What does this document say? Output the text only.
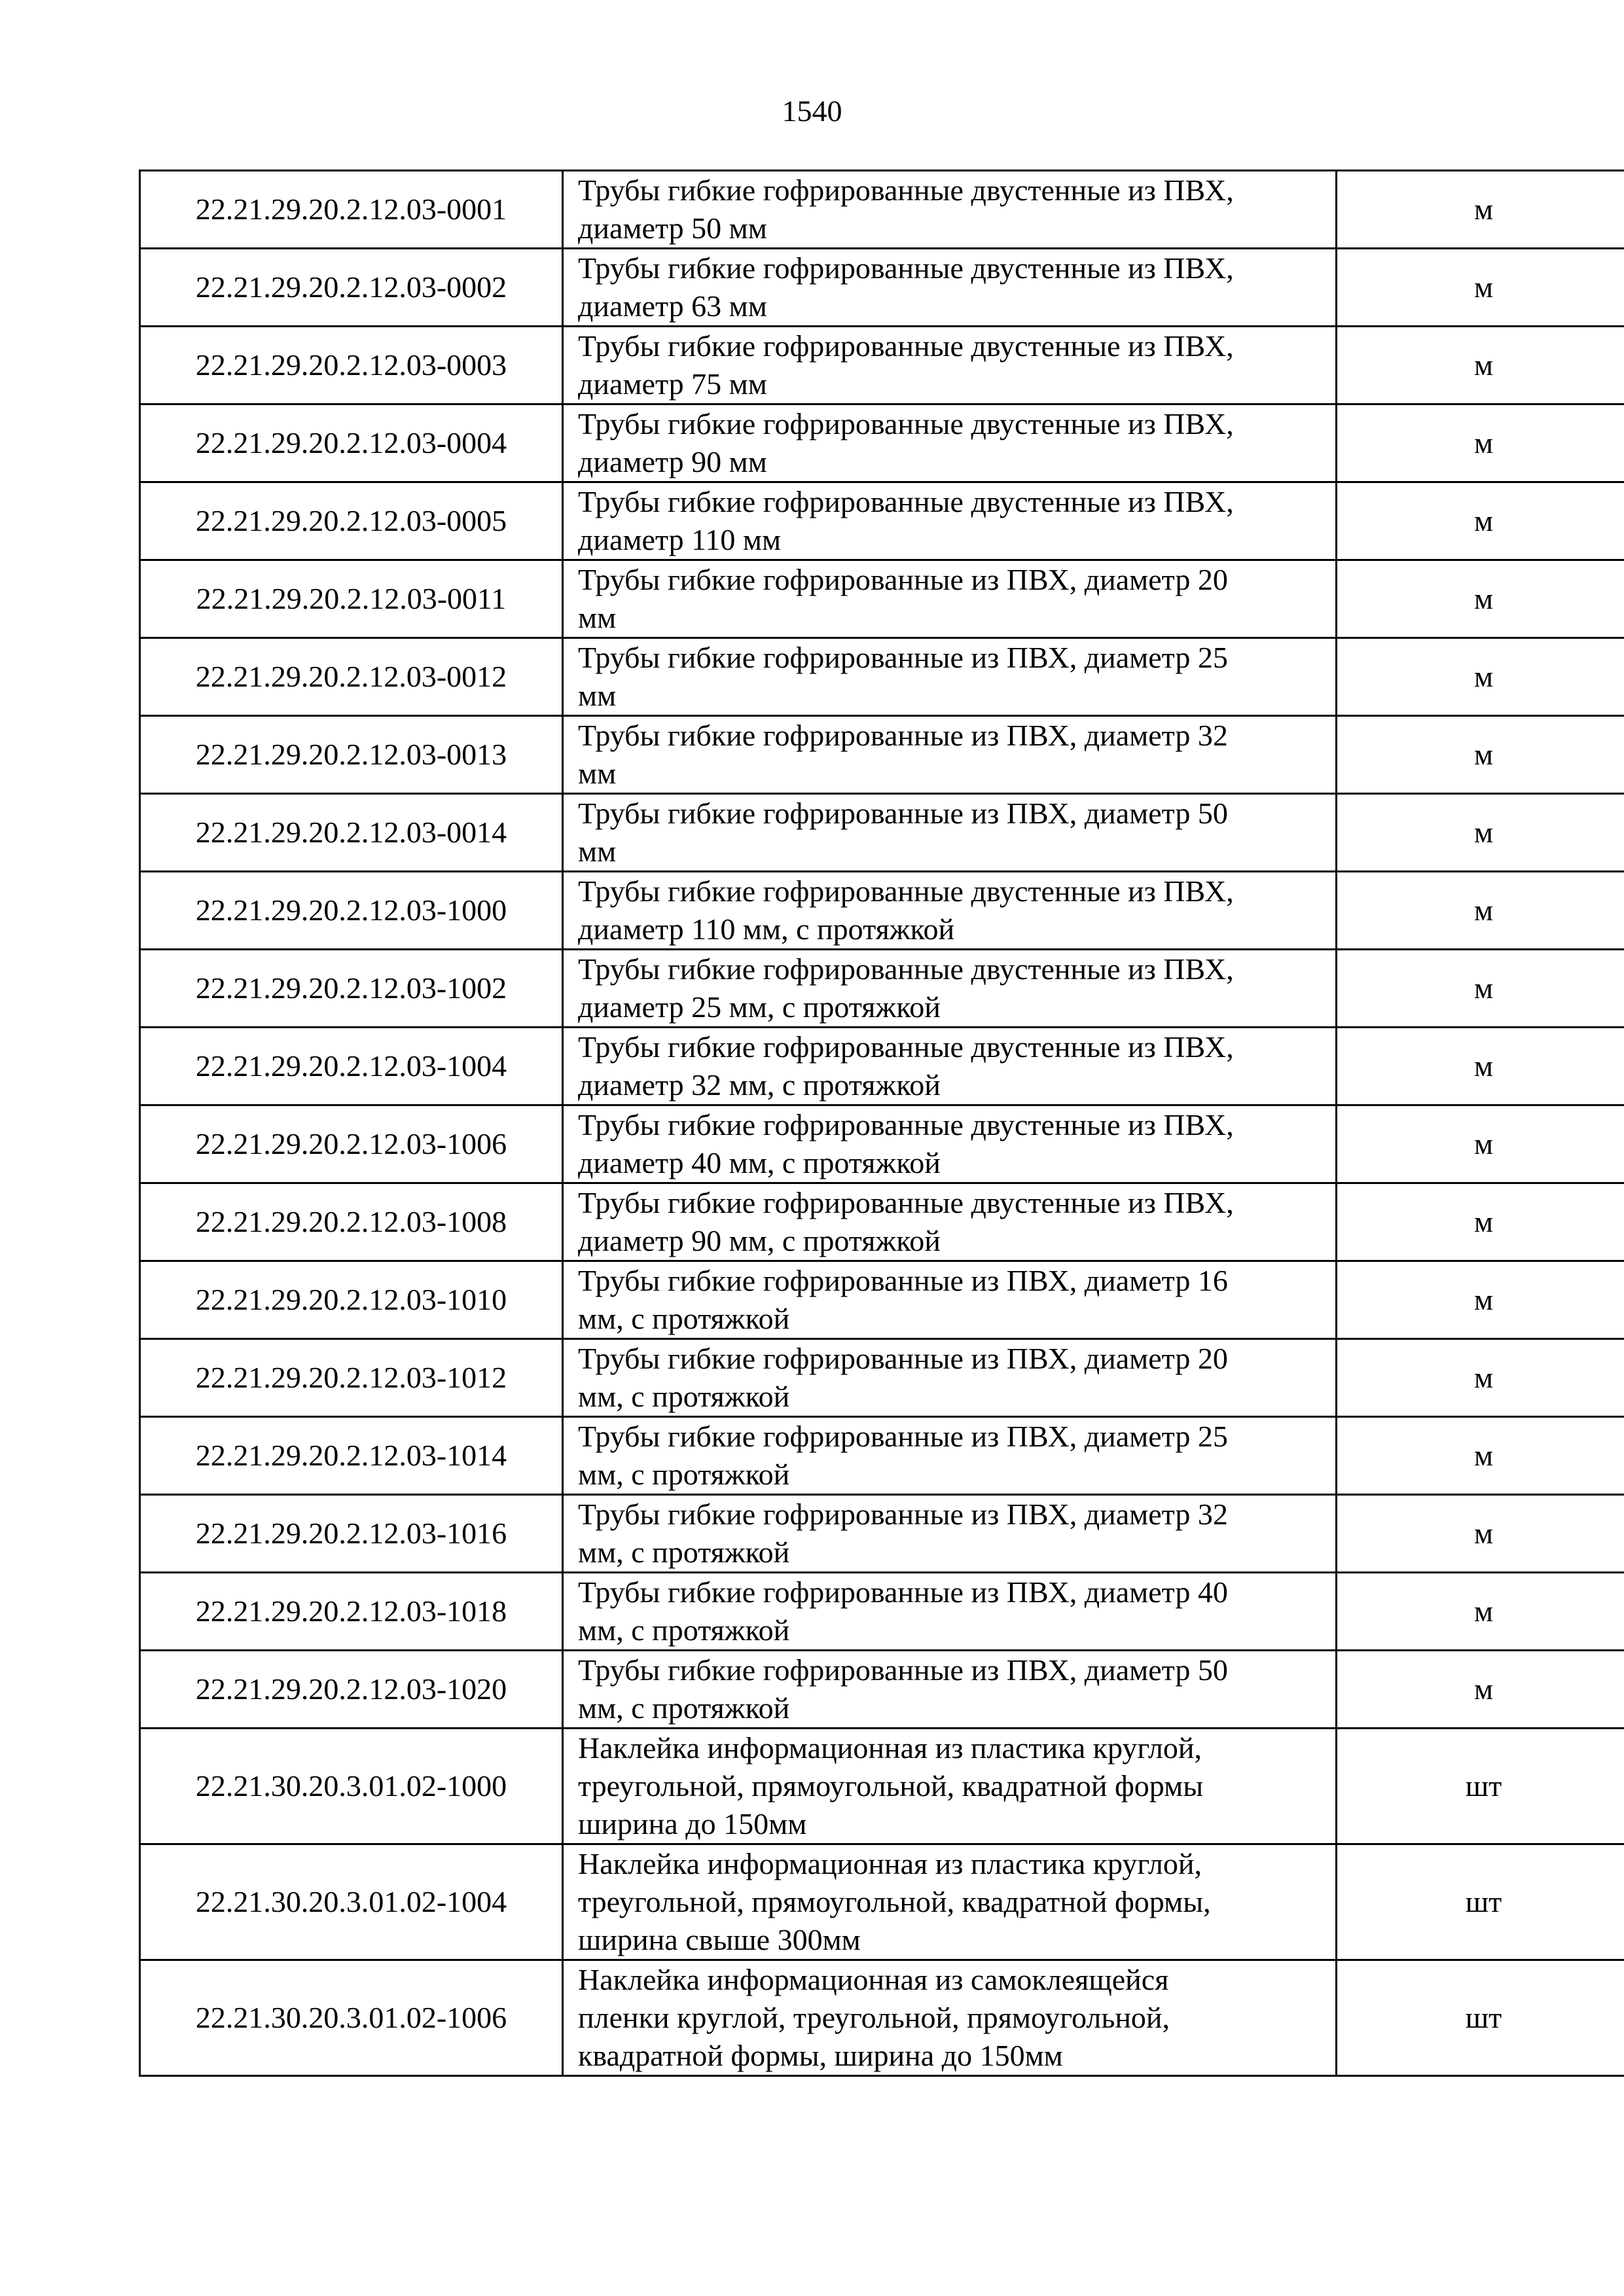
1540
22.21.29.20.2.12.03-0001	Трубы гибкие гофрированные двустенные из ПВХ,
диаметр 50 мм	м
22.21.29.20.2.12.03-0002	Трубы гибкие гофрированные двустенные из ПВХ,
диаметр 63 мм	м
22.21.29.20.2.12.03-0003	Трубы гибкие гофрированные двустенные из ПВХ,
диаметр 75 мм	м
22.21.29.20.2.12.03-0004	Трубы гибкие гофрированные двустенные из ПВХ,
диаметр 90 мм	м
22.21.29.20.2.12.03-0005	Трубы гибкие гофрированные двустенные из ПВХ,
диаметр 110 мм	м
22.21.29.20.2.12.03-0011	Трубы гибкие гофрированные из ПВХ, диаметр 20
мм	м
22.21.29.20.2.12.03-0012	Трубы гибкие гофрированные из ПВХ, диаметр 25
мм	м
22.21.29.20.2.12.03-0013	Трубы гибкие гофрированные из ПВХ, диаметр 32
мм	м
22.21.29.20.2.12.03-0014	Трубы гибкие гофрированные из ПВХ, диаметр 50
мм	м
22.21.29.20.2.12.03-1000	Трубы гибкие гофрированные двустенные из ПВХ,
диаметр 110 мм, с протяжкой	м
22.21.29.20.2.12.03-1002	Трубы гибкие гофрированные двустенные из ПВХ,
диаметр 25 мм, с протяжкой	м
22.21.29.20.2.12.03-1004	Трубы гибкие гофрированные двустенные из ПВХ,
диаметр 32 мм, с протяжкой	м
22.21.29.20.2.12.03-1006	Трубы гибкие гофрированные двустенные из ПВХ,
диаметр 40 мм, с протяжкой	м
22.21.29.20.2.12.03-1008	Трубы гибкие гофрированные двустенные из ПВХ,
диаметр 90 мм, с протяжкой	м
22.21.29.20.2.12.03-1010	Трубы гибкие гофрированные из ПВХ, диаметр 16
мм, с протяжкой	м
22.21.29.20.2.12.03-1012	Трубы гибкие гофрированные из ПВХ, диаметр 20
мм, с протяжкой	м
22.21.29.20.2.12.03-1014	Трубы гибкие гофрированные из ПВХ, диаметр 25
мм, с протяжкой	м
22.21.29.20.2.12.03-1016	Трубы гибкие гофрированные из ПВХ, диаметр 32
мм, с протяжкой	м
22.21.29.20.2.12.03-1018	Трубы гибкие гофрированные из ПВХ, диаметр 40
мм, с протяжкой	м
22.21.29.20.2.12.03-1020	Трубы гибкие гофрированные из ПВХ, диаметр 50
мм, с протяжкой	м
22.21.30.20.3.01.02-1000	Наклейка информационная из пластика круглой,
треугольной, прямоугольной, квадратной формы
ширина до 150мм	шт
22.21.30.20.3.01.02-1004	Наклейка информационная из пластика круглой,
треугольной, прямоугольной, квадратной формы,
ширина свыше 300мм	шт
22.21.30.20.3.01.02-1006	Наклейка информационная из самоклеящейся
пленки круглой, треугольной, прямоугольной,
квадратной формы, ширина до 150мм	шт
